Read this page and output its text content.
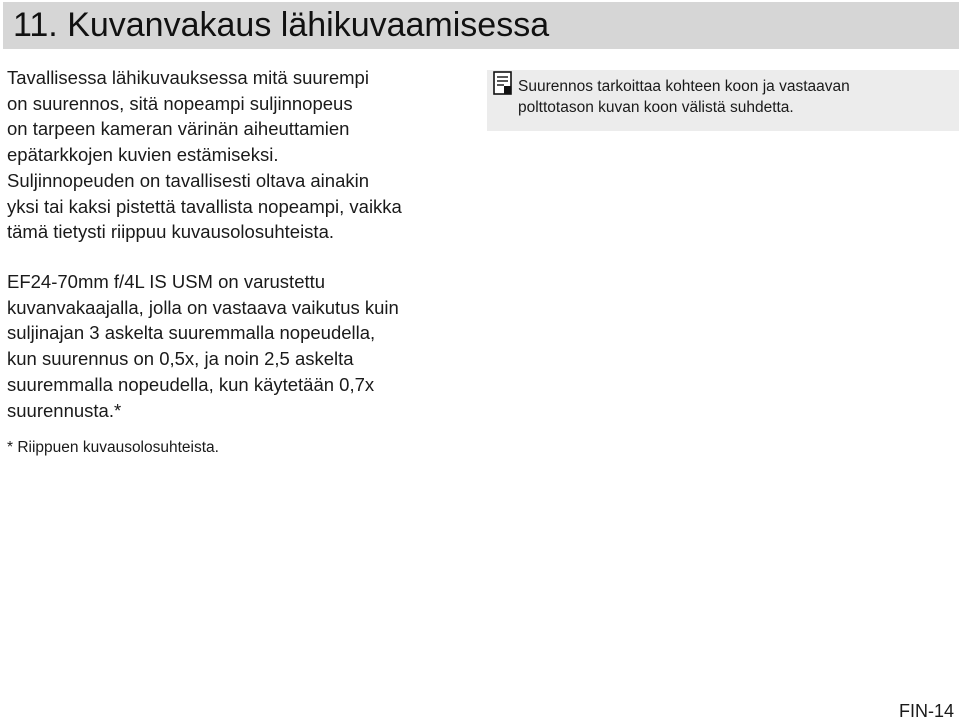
11. Kuvanvakaus lähikuvaamisessa

Tavallisessa lähikuvauksessa mitä suurempi
on suurennos, sitä nopeampi suljinnopeus
on tarpeen kameran värinän aiheuttamien
epätarkkojen kuvien estämiseksi.
Suljinnopeuden on tavallisesti oltava ainakin
yksi tai kaksi pistettä tavallista nopeampi, vaikka
tämä tietysti riippuu kuvausolosuhteista.

EF24-70mm f/4L IS USM on varustettu
kuvanvakaajalla, jolla on vastaava vaikutus kuin
suljinajan 3 askelta suuremmalla nopeudella,
kun suurennus on 0,5x, ja noin 2,5 askelta
suuremmalla nopeudella, kun käytetään 0,7x
suurennusta.*

* Riippuen kuvausolosuhteista.

Suurennos tarkoittaa kohteen koon ja vastaavan
polttotason kuvan koon välistä suhdetta.

FIN-14
